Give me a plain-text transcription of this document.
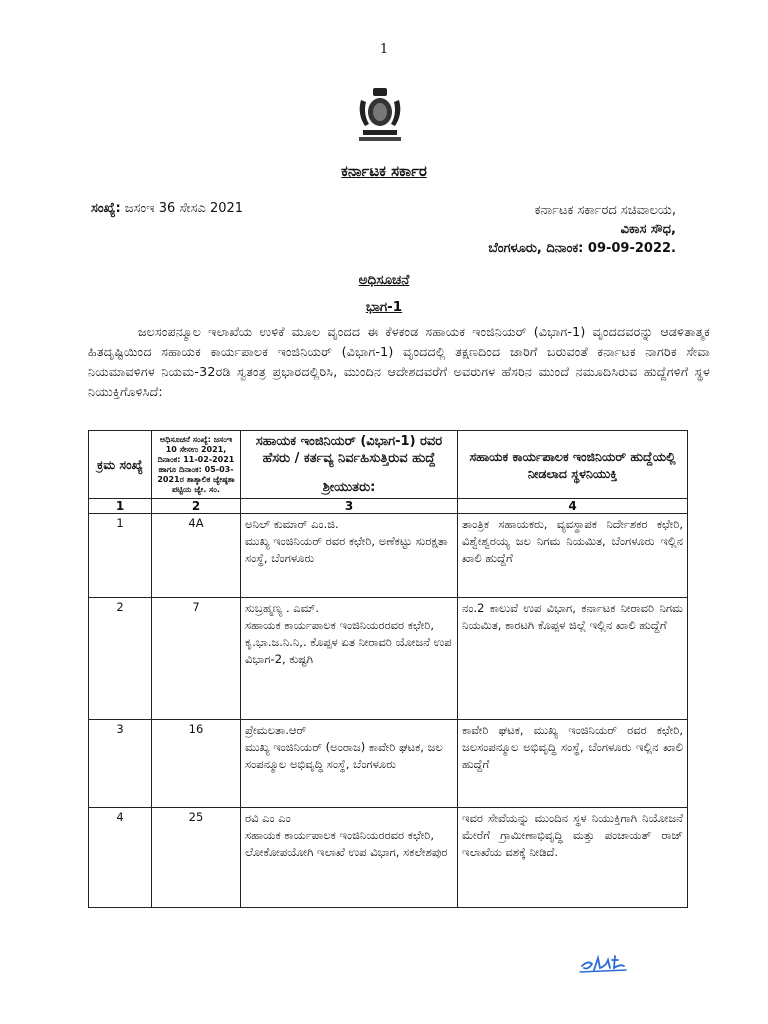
1
ಕರ್ನಾಟಕ ಸರ್ಕಾರ
ಸಂಖ್ಯೆ: ಜಸಂಇ 36 ಸೇಸಎ 2021	ಕರ್ನಾಟಕ ಸರ್ಕಾರದ ಸಚಿವಾಲಯ,
ವಿಕಾಸ ಸೌಧ,
ಬೆಂಗಳೂರು, ದಿನಾಂಕ: 09-09-2022.
ಅಧಿಸೂಚನೆ
ಭಾಗ-1
ಜಲಸಂಪನ್ಮೂಲ ಇಲಾಖೆಯ ಉಳಿಕೆ ಮೂಲ ವೃಂದದ ಈ ಕೆಳಕಂಡ ಸಹಾಯಕ ಇಂಜಿನಿಯರ್ (ವಿಭಾಗ-1) ವೃಂದದವರನ್ನು ಆಡಳಿತಾತ್ಮಕ ಹಿತದೃಷ್ಟಿಯಿಂದ ಸಹಾಯಕ ಕಾರ್ಯಪಾಲಕ ಇಂಜಿನಿಯರ್ (ವಿಭಾಗ-1) ವೃಂದದಲ್ಲಿ ತಕ್ಷಣದಿಂದ ಜಾರಿಗೆ ಬರುವಂತೆ ಕರ್ನಾಟಕ ನಾಗರಿಕ ಸೇವಾ ನಿಯಮಾವಳಿಗಳ ನಿಯಮ-32ರಡಿ ಸ್ವತಂತ್ರ ಪ್ರಭಾರದಲ್ಲಿರಿಸಿ, ಮುಂದಿನ ಆದೇಶದವರೆಗೆ ಅವರುಗಳ ಹೆಸರಿನ ಮುಂದೆ ನಮೂದಿಸಿರುವ ಹುದ್ದೆಗಳಿಗೆ ಸ್ಥಳ ನಿಯುಕ್ತಿಗೊಳಿಸಿದೆ:
ಕ್ರಮ ಸಂಖ್ಯೆ	ಅಧಿಸೂಚನೆ ಸಂಖ್ಯೆ: ಜಸಂಇ 10 ಸೇಸಉ 2021, ದಿನಾಂಕ: 11-02-2021 ಹಾಗೂ ದಿನಾಂಕ: 05-03-2021ರ ತಾತ್ಕಾಲಿಕ ಜ್ಯೇಷ್ಠತಾ ಪಟ್ಟಿಯ ಜ್ಯೇ. ಸಂ.	ಸಹಾಯಕ ಇಂಜಿನಿಯರ್ (ವಿಭಾಗ-1) ರವರ ಹೆಸರು / ಕರ್ತವ್ಯ ನಿರ್ವಹಿಸುತ್ತಿರುವ ಹುದ್ದೆ
ಶ್ರೀಯುತರು:	ಸಹಾಯಕ ಕಾರ್ಯಪಾಲಕ ಇಂಜಿನಿಯರ್ ಹುದ್ದೆಯಲ್ಲಿ ನೀಡಲಾದ ಸ್ಥಳನಿಯುಕ್ತಿ
1	2	3	4
1	4A	ಅನಿಲ್ ಕುಮಾರ್ ಎಂ.ಜಿ.
ಮುಖ್ಯ ಇಂಜಿನಿಯರ್ ರವರ ಕಛೇರಿ, ಅಣೆಕಟ್ಟು ಸುರಕ್ಷತಾ ಸಂಸ್ಥೆ, ಬೆಂಗಳೂರು	ತಾಂತ್ರಿಕ ಸಹಾಯಕರು, ವ್ಯವಸ್ಥಾಪಕ ನಿರ್ದೇಶಕರ ಕಛೇರಿ, ವಿಶ್ವೇಶ್ವರಯ್ಯ ಜಲ ನಿಗಮ ನಿಯಮಿತ, ಬೆಂಗಳೂರು ಇಲ್ಲಿನ ಖಾಲಿ ಹುದ್ದೆಗೆ
2	7	ಸುಬ್ರಹ್ಮಣ್ಯ . ಎಮ್.
ಸಹಾಯಕ ಕಾರ್ಯಪಾಲಕ ಇಂಜಿನಿಯರರವರ ಕಛೇರಿ, ಕೃ.ಭಾ.ಜ.ನಿ.ನಿ,. ಕೊಪ್ಪಳ ಏತ ನೀರಾವರಿ ಯೋಜನೆ ಉಪ ವಿಭಾಗ-2, ಕುಷ್ಟಗಿ	ನಂ.2 ಕಾಲುವೆ ಉಪ ವಿಭಾಗ, ಕರ್ನಾಟಕ ನೀರಾವರಿ ನಿಗಮ ನಿಯಮಿತ, ಕಾರಟಗಿ ಕೊಪ್ಪಳ ಜಿಲ್ಲೆ ಇಲ್ಲಿನ ಖಾಲಿ ಹುದ್ದೆಗೆ
3	16	ಪ್ರೇಮಲತಾ.ಆರ್
ಮುಖ್ಯ ಇಂಜಿನಿಯರ್ (ಅಂರಾಜ) ಕಾವೇರಿ ಘಟಕ, ಜಲ ಸಂಪನ್ಮೂಲ ಅಭಿವೃದ್ಧಿ ಸಂಸ್ಥೆ, ಬೆಂಗಳೂರು	ಕಾವೇರಿ ಘಟಕ, ಮುಖ್ಯ ಇಂಜಿನಿಯರ್ ರವರ ಕಛೇರಿ, ಜಲಸಂಪನ್ಮೂಲ ಅಭಿವೃದ್ಧಿ ಸಂಸ್ಥೆ, ಬೆಂಗಳೂರು ಇಲ್ಲಿನ ಖಾಲಿ ಹುದ್ದೆಗೆ
4	25	ರವಿ ಎಂ ಎಂ
ಸಹಾಯಕ ಕಾರ್ಯಪಾಲಕ ಇಂಜಿನಿಯರರವರ ಕಛೇರಿ, ಲೋಕೋಪಯೋಗಿ ಇಲಾಖೆ ಉಪ ವಿಭಾಗ, ಸಕಲೇಶಪುರ	ಇವರ ಸೇವೆಯನ್ನು ಮುಂದಿನ ಸ್ಥಳ ನಿಯುಕ್ತಿಗಾಗಿ ನಿಯೋಜನೆ ಮೇರೆಗೆ ಗ್ರಾಮೀಣಾಭಿವೃದ್ಧಿ ಮತ್ತು ಪಂಚಾಯತ್ ರಾಜ್ ಇಲಾಖೆಯ ವಶಕ್ಕೆ ನೀಡಿದೆ.
